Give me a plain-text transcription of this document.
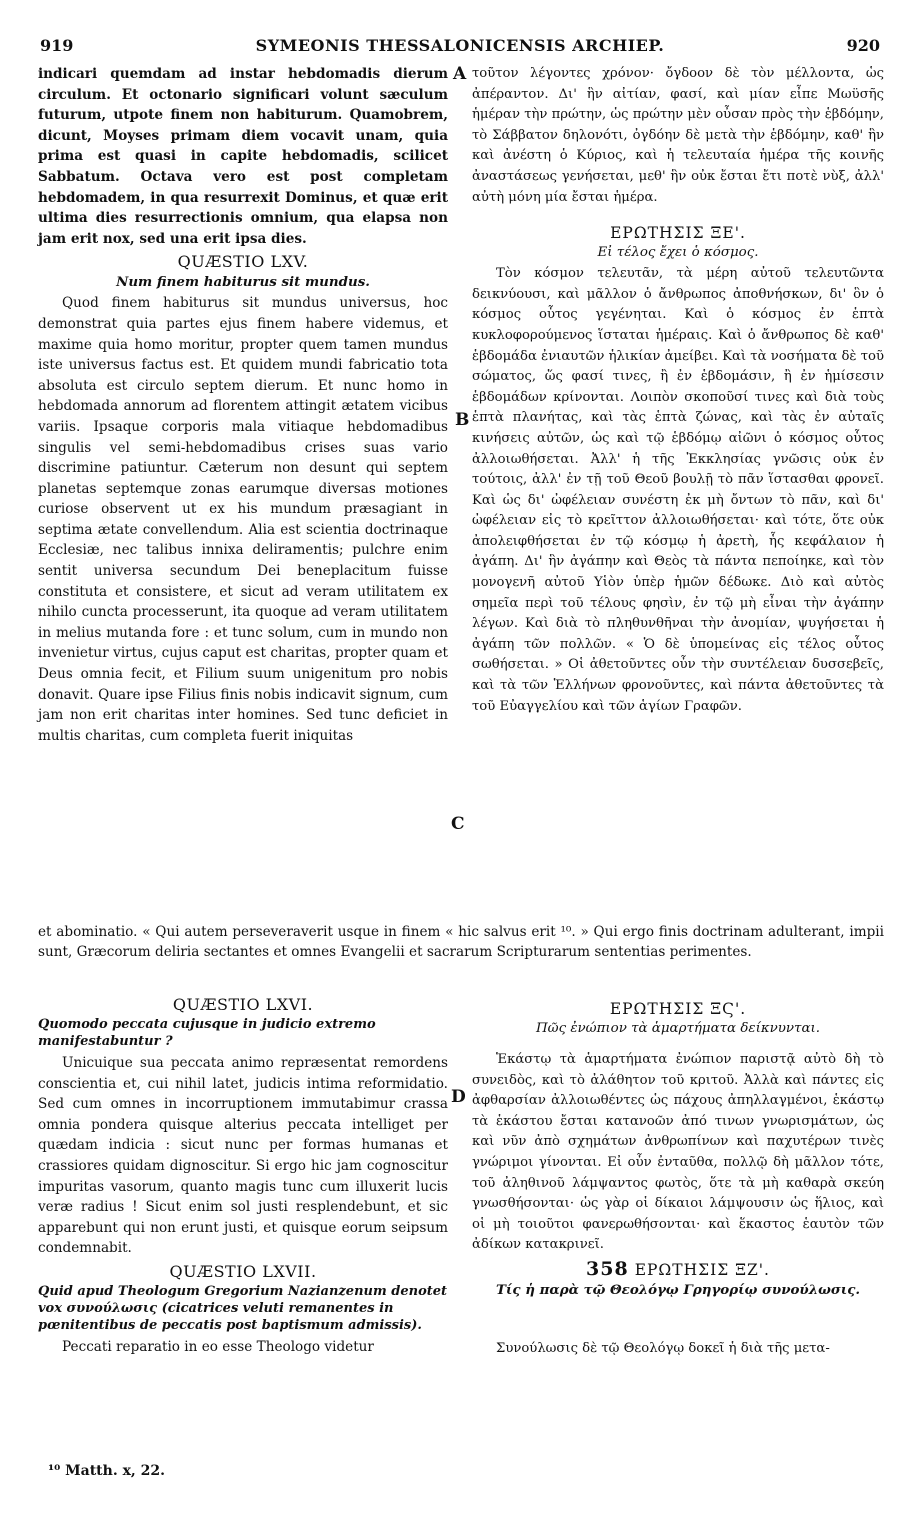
919	SYMEONIS THESSALONICENSIS ARCHIEP.	920
A
B
C
D

indicari quemdam ad instar hebdomadis dierum circulum. Et octonario significari volunt sæculum futurum, utpote finem non habiturum. Quamobrem, dicunt, Moyses primam diem vocavit unam, quia prima est quasi in capite hebdomadis, scilicet Sabbatum. Octava vero est post completam hebdomadem, in qua resurrexit Dominus, et quæ erit ultima dies resurrectionis omnium, qua elapsa non jam erit nox, sed una erit ipsa dies.

QUÆSTIO LXV.
Num finem habiturus sit mundus.

Quod finem habiturus sit mundus universus, hoc demonstrat quia partes ejus finem habere videmus, et maxime quia homo moritur, propter quem tamen mundus iste universus factus est. Et quidem mundi fabricatio tota absoluta est circulo septem dierum. Et nunc homo in hebdomada annorum ad florentem attingit ætatem vicibus variis. Ipsaque corporis mala vitiaque hebdomadibus singulis vel semi-hebdomadibus crises suas vario discrimine patiuntur. Cæterum non desunt qui septem planetas septemque zonas earumque diversas motiones curiose observent ut ex his mundum præsagiant in septima ætate convellendum. Alia est scientia doctrinaque Ecclesiæ, nec talibus innixa deliramentis; pulchre enim sentit universa secundum Dei beneplacitum fuisse constituta et consistere, et sicut ad veram utilitatem ex nihilo cuncta processerunt, ita quoque ad veram utilitatem in melius mutanda fore : et tunc solum, cum in mundo non invenietur virtus, cujus caput est charitas, propter quam et Deus omnia fecit, et Filium suum unigenitum pro nobis donavit. Quare ipse Filius finis nobis indicavit signum, cum jam non erit charitas inter homines. Sed tunc deficiet in multis charitas, cum completa fuerit iniquitas

τοῦτον λέγοντες χρόνον· ὄγδοον δὲ τὸν μέλλοντα, ὡς ἀπέραντον. Δι' ἣν αἰτίαν, φασί, καὶ μίαν εἶπε Μωϋσῆς ἡμέραν τὴν πρώτην, ὡς πρώτην μὲν οὖσαν πρὸς τὴν ἑβδόμην, τὸ Σάββατον δηλονότι, ὀγδόην δὲ μετὰ τὴν ἑβδόμην, καθ' ἣν καὶ ἀνέστη ὁ Κύριος, καὶ ἡ τελευταία ἡμέρα τῆς κοινῆς ἀναστάσεως γενήσεται, μεθ' ἣν οὐκ ἔσται ἔτι ποτὲ νὺξ, ἀλλ' αὐτὴ μόνη μία ἔσται ἡμέρα.

ΕΡΩΤΗΣΙΣ ΞΕ'.
Εἰ τέλος ἔχει ὁ κόσμος.

Τὸν κόσμον τελευτᾶν, τὰ μέρη αὐτοῦ τελευτῶντα δεικνύουσι, καὶ μᾶλλον ὁ ἄνθρωπος ἀποθνήσκων, δι' ὃν ὁ κόσμος οὗτος γεγένηται. Καὶ ὁ κόσμος ἐν ἑπτὰ κυκλοφορούμενος ἵσταται ἡμέραις. Καὶ ὁ ἄνθρωπος δὲ καθ' ἑβδομάδα ἐνιαυτῶν ἡλικίαν ἀμείβει. Καὶ τὰ νοσήματα δὲ τοῦ σώματος, ὥς φασί τινες, ἢ ἐν ἑβδομάσιν, ἢ ἐν ἡμίσεσιν ἑβδομάδων κρίνονται. Λοιπὸν σκοποῦσί τινες καὶ διὰ τοὺς ἑπτὰ πλανήτας, καὶ τὰς ἑπτὰ ζώνας, καὶ τὰς ἐν αὐταῖς κινήσεις αὐτῶν, ὡς καὶ τῷ ἑβδόμῳ αἰῶνι ὁ κόσμος οὗτος ἀλλοιωθήσεται. Ἀλλ' ἡ τῆς Ἐκκλησίας γνῶσις οὐκ ἐν τούτοις, ἀλλ' ἐν τῇ τοῦ Θεοῦ βουλῇ τὸ πᾶν ἵστασθαι φρονεῖ. Καὶ ὡς δι' ὠφέλειαν συνέστη ἐκ μὴ ὄντων τὸ πᾶν, καὶ δι' ὠφέλειαν εἰς τὸ κρεῖττον ἀλλοιωθήσεται· καὶ τότε, ὅτε οὐκ ἀπολειφθήσεται ἐν τῷ κόσμῳ ἡ ἀρετὴ, ἧς κεφάλαιον ἡ ἀγάπη. Δι' ἣν ἀγάπην καὶ Θεὸς τὰ πάντα πεποίηκε, καὶ τὸν μονογενῆ αὐτοῦ Υἱὸν ὑπὲρ ἡμῶν δέδωκε. Διὸ καὶ αὐτὸς σημεῖα περὶ τοῦ τέλους φησὶν, ἐν τῷ μὴ εἶναι τὴν ἀγάπην λέγων. Καὶ διὰ τὸ πληθυνθῆναι τὴν ἀνομίαν, ψυγήσεται ἡ ἀγάπη τῶν πολλῶν. « Ὁ δὲ ὑπομείνας εἰς τέλος οὗτος σωθήσεται. » Οἱ ἀθετοῦντες οὖν τὴν συντέλειαν δυσσεβεῖς, καὶ τὰ τῶν Ἑλλήνων φρονοῦντες, καὶ πάντα ἀθετοῦντες τὰ τοῦ Εὐαγγελίου καὶ τῶν ἁγίων Γραφῶν.

et abominatio. « Qui autem perseveraverit usque in finem « hic salvus erit ¹⁰. » Qui ergo finis doctrinam adulterant, impii sunt, Græcorum deliria sectantes et omnes Evangelii et sacrarum Scripturarum sententias perimentes.

QUÆSTIO LXVI.
Quomodo peccata cujusque in judicio extremo manifestabuntur ?

Unicuique sua peccata animo repræsentat remordens conscientia et, cui nihil latet, judicis intima reformidatio. Sed cum omnes in incorruptionem immutabimur crassa omnia pondera quisque alterius peccata intelliget per quædam indicia : sicut nunc per formas humanas et crassiores quidam dignoscitur. Si ergo hic jam cognoscitur impuritas vasorum, quanto magis tunc cum illuxerit lucis veræ radius ! Sicut enim sol justi resplendebunt, et sic apparebunt qui non erunt justi, et quisque eorum seipsum condemnabit.

QUÆSTIO LXVII.
Quid apud Theologum Gregorium Nazianzenum denotet vox συνούλωσις (cicatrices veluti remanentes in pœnitentibus de peccatis post baptismum admissis).

Peccati reparatio in eo esse Theologo videtur

ΕΡΩΤΗΣΙΣ ΞϚ'.
Πῶς ἐνώπιον τὰ ἁμαρτήματα δείκνυνται.

Ἑκάστῳ τὰ ἁμαρτήματα ἐνώπιον παριστᾷ αὐτὸ δὴ τὸ συνειδὸς, καὶ τὸ ἀλάθητον τοῦ κριτοῦ. Ἀλλὰ καὶ πάντες εἰς ἀφθαρσίαν ἀλλοιωθέντες ὡς πάχους ἀπηλλαγμένοι, ἑκάστῳ τὰ ἑκάστου ἔσται κατανοῶν ἀπό τινων γνωρισμάτων, ὡς καὶ νῦν ἀπὸ σχημάτων ἀνθρωπίνων καὶ παχυτέρων τινὲς γνώριμοι γίνονται. Εἰ οὖν ἐνταῦθα, πολλῷ δὴ μᾶλλον τότε, τοῦ ἀληθινοῦ λάμψαντος φωτὸς, ὅτε τὰ μὴ καθαρὰ σκεύη γνωσθήσονται· ὡς γὰρ οἱ δίκαιοι λάμψουσιν ὡς ἥλιος, καὶ οἱ μὴ τοιοῦτοι φανερωθήσονται· καὶ ἕκαστος ἑαυτὸν τῶν ἀδίκων κατακρινεῖ.

358 ΕΡΩΤΗΣΙΣ ΞΖ'.
Τίς ἡ παρὰ τῷ Θεολόγῳ Γρηγορίῳ συνούλωσις.

Συνούλωσις δὲ τῷ Θεολόγῳ δοκεῖ ἡ διὰ τῆς μετα-

¹⁰ Matth. x, 22.
